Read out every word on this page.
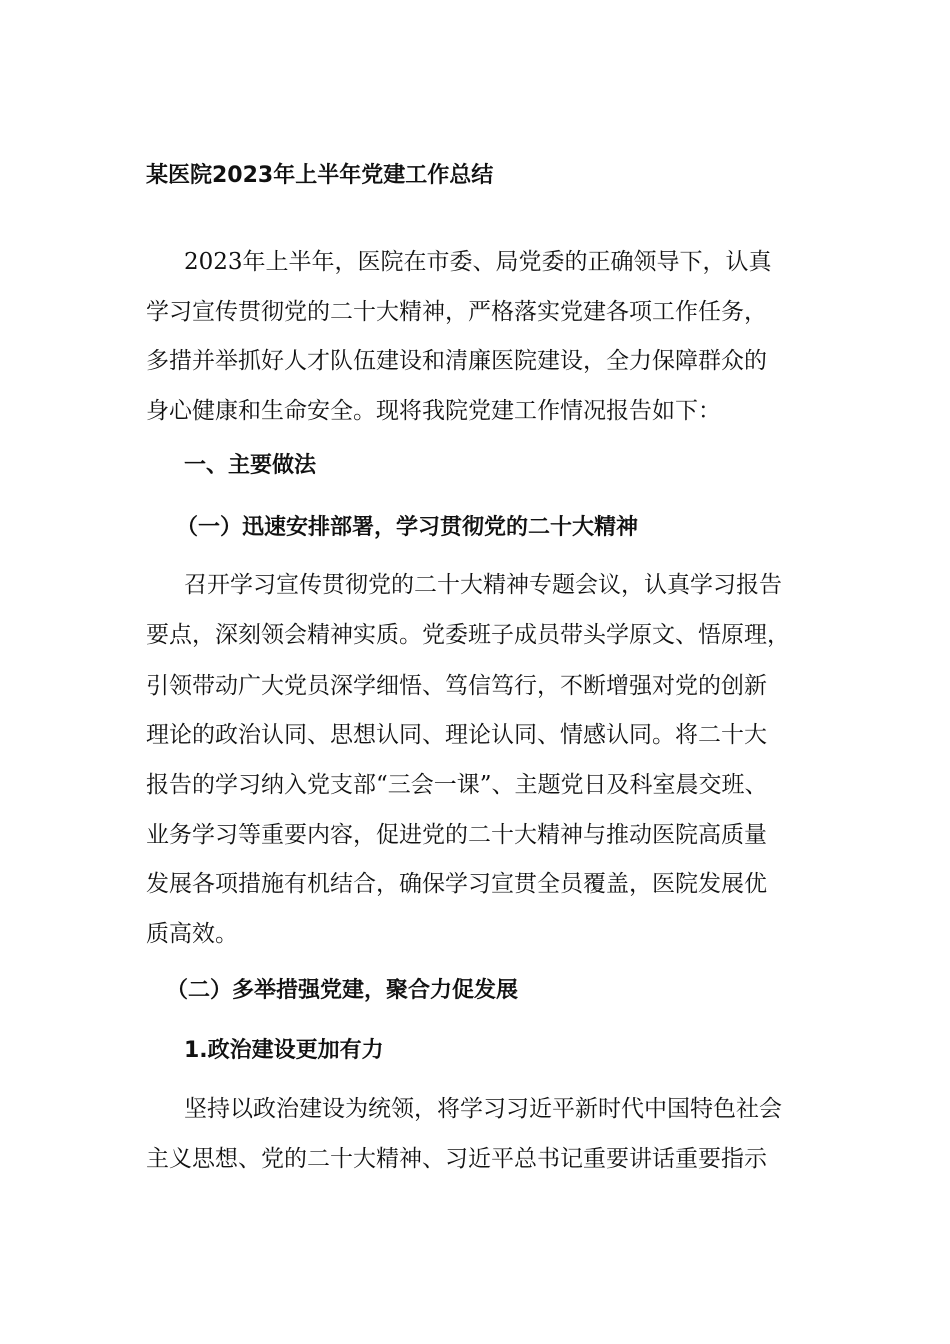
某医院2023年上半年党建工作总结
2023年上半年，医院在市委、局党委的正确领导下，认真
学习宣传贯彻党的二十大精神，严格落实党建各项工作任务，
多措并举抓好人才队伍建设和清廉医院建设，全力保障群众的
身心健康和生命安全。现将我院党建工作情况报告如下：
一、主要做法
（一）迅速安排部署，学习贯彻党的二十大精神
召开学习宣传贯彻党的二十大精神专题会议，认真学习报告
要点，深刻领会精神实质。党委班子成员带头学原文、悟原理，
引领带动广大党员深学细悟、笃信笃行，不断增强对党的创新
理论的政治认同、思想认同、理论认同、情感认同。将二十大
报告的学习纳入党支部“三会一课”、主题党日及科室晨交班、
业务学习等重要内容，促进党的二十大精神与推动医院高质量
发展各项措施有机结合，确保学习宣贯全员覆盖，医院发展优
质高效。
（二）多举措强党建，聚合力促发展
1.政治建设更加有力
坚持以政治建设为统领，将学习习近平新时代中国特色社会
主义思想、党的二十大精神、习近平总书记重要讲话重要指示
